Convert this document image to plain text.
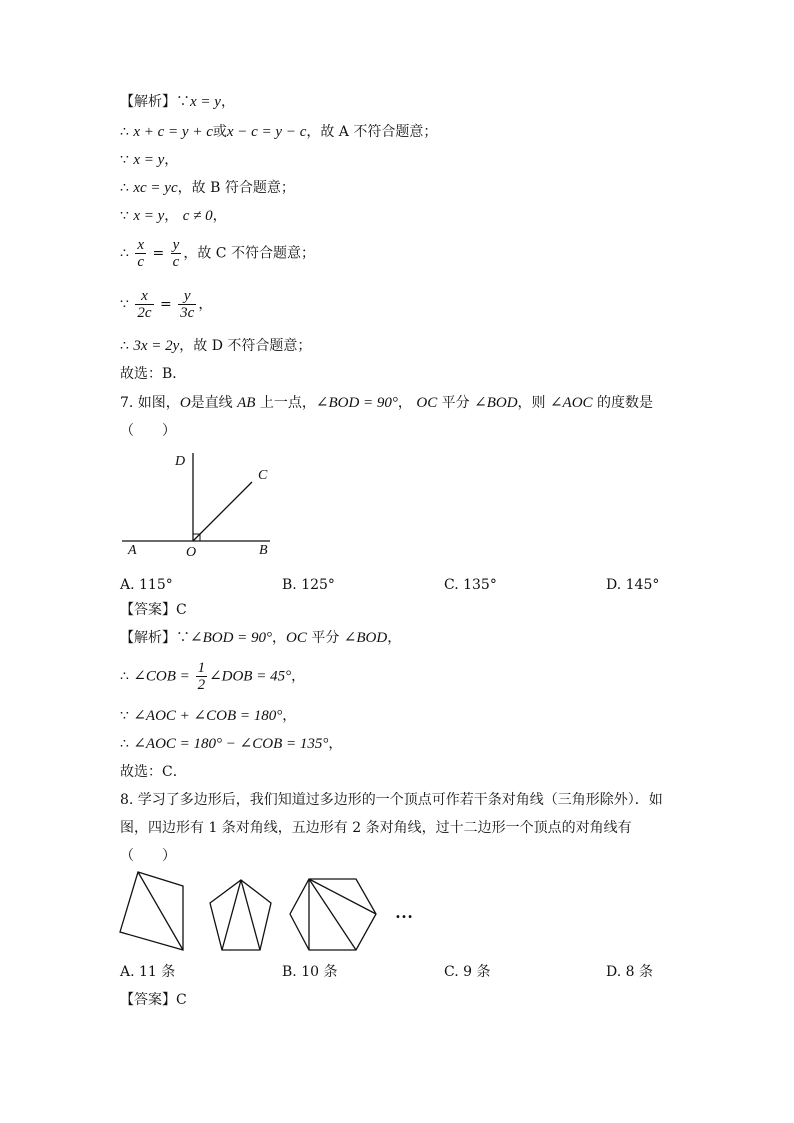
【解析】∵x = y，
∴ x + c = y + c或x − c = y − c，故 A 不符合题意；
∵ x = y，
∴ xc = yc，故 B 符合题意；
∵ x = y， c ≠ 0，
∴ $\frac{x}{c} = \frac{y}{c}$ ，故 C 不符合题意；
∵ $\frac{x}{2c} = \frac{y}{3c}$ ，
∴ 3x = 2y，故 D 不符合题意；
故选：B．
7. 如图，O是直线 AB 上一点，∠BOD = 90°， OC 平分 ∠BOD，则 ∠AOC 的度数是
（　　）
D
C
A	O	B
A. 115°	B. 125°	C. 135°	D. 145°
【答案】C
【解析】∵∠BOD = 90°，OC 平分 ∠BOD，
∴ ∠COB = $\frac{1}{2}$ ∠DOB = 45°，
∵ ∠AOC + ∠COB = 180°，
∴ ∠AOC = 180° − ∠COB = 135°，
故选：C．
8. 学习了多边形后，我们知道过多边形的一个顶点可作若干条对角线（三角形除外）．如
图，四边形有 1 条对角线，五边形有 2 条对角线，过十二边形一个顶点的对角线有
（　　）
…
A. 11 条	B. 10 条	C. 9 条	D. 8 条
【答案】C
